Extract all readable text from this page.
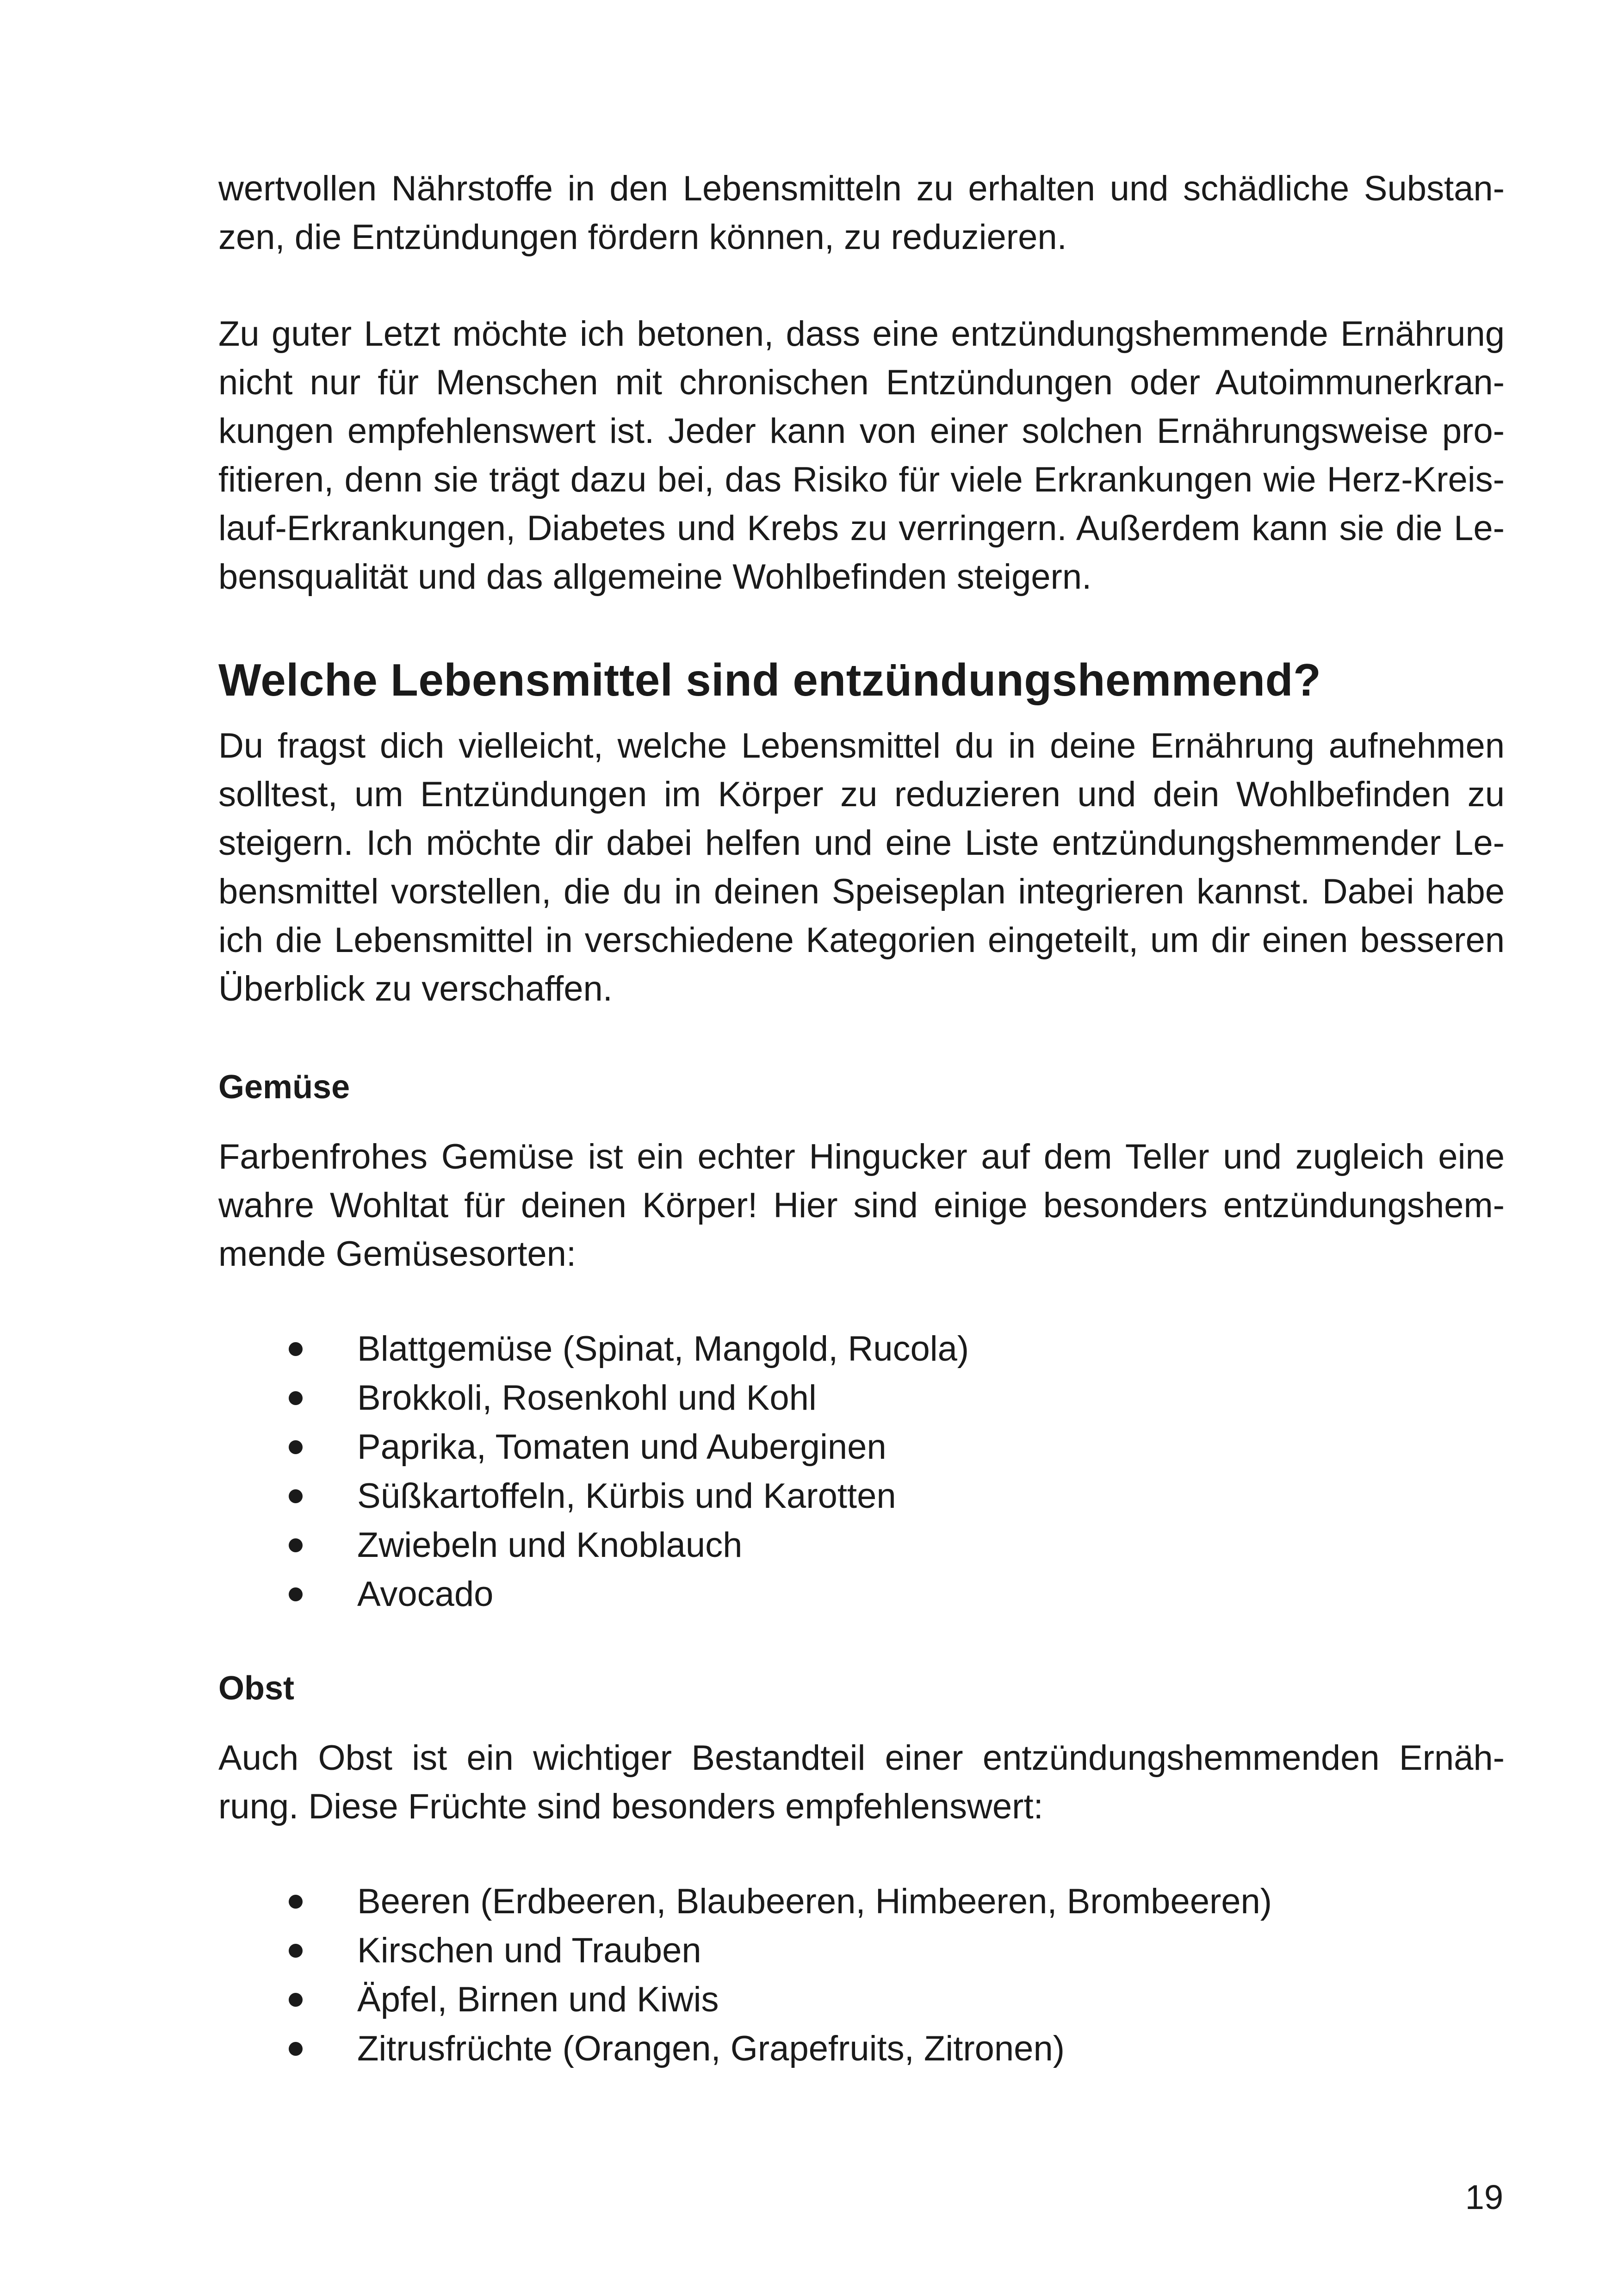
wertvollen Nährstoffe in den Lebensmitteln zu erhalten und schädliche Substan-
zen, die Entzündungen fördern können, zu reduzieren.

Zu guter Letzt möchte ich betonen, dass eine entzündungshemmende Ernährung
nicht nur für Menschen mit chronischen Entzündungen oder Autoimmunerkran-
kungen empfehlenswert ist. Jeder kann von einer solchen Ernährungsweise pro-
fitieren, denn sie trägt dazu bei, das Risiko für viele Erkrankungen wie Herz-Kreis-
lauf-Erkrankungen, Diabetes und Krebs zu verringern. Außerdem kann sie die Le-
bensqualität und das allgemeine Wohlbefinden steigern.

Welche Lebensmittel sind entzündungshemmend?

Du fragst dich vielleicht, welche Lebensmittel du in deine Ernährung aufnehmen
solltest, um Entzündungen im Körper zu reduzieren und dein Wohlbefinden zu
steigern. Ich möchte dir dabei helfen und eine Liste entzündungshemmender Le-
bensmittel vorstellen, die du in deinen Speiseplan integrieren kannst. Dabei habe
ich die Lebensmittel in verschiedene Kategorien eingeteilt, um dir einen besseren
Überblick zu verschaffen.

Gemüse

Farbenfrohes Gemüse ist ein echter Hingucker auf dem Teller und zugleich eine
wahre Wohltat für deinen Körper! Hier sind einige besonders entzündungshem-
mende Gemüsesorten:

Blattgemüse (Spinat, Mangold, Rucola)
Brokkoli, Rosenkohl und Kohl
Paprika, Tomaten und Auberginen
Süßkartoffeln, Kürbis und Karotten
Zwiebeln und Knoblauch
Avocado
Obst

Auch Obst ist ein wichtiger Bestandteil einer entzündungshemmenden Ernäh-
rung. Diese Früchte sind besonders empfehlenswert:

Beeren (Erdbeeren, Blaubeeren, Himbeeren, Brombeeren)
Kirschen und Trauben
Äpfel, Birnen und Kiwis
Zitrusfrüchte (Orangen, Grapefruits, Zitronen)
19
